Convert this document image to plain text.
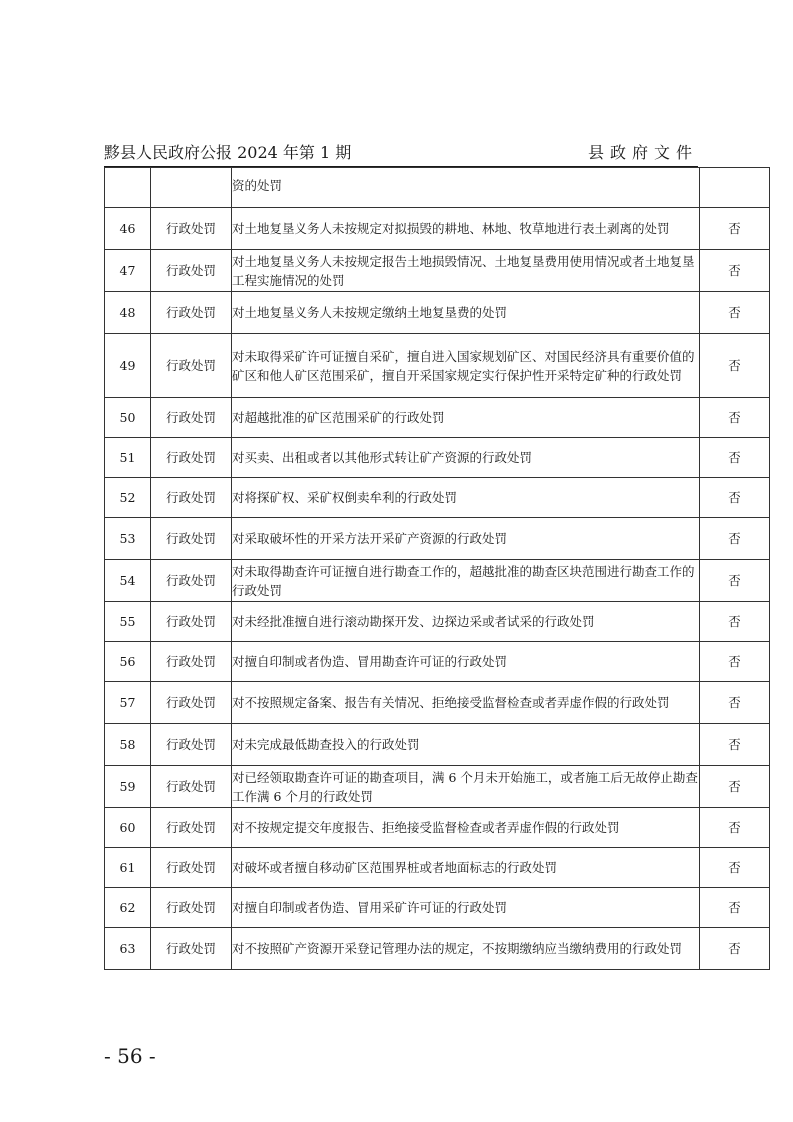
黟县人民政府公报 2024 年第 1 期	县政府文件
		资的处罚	
46	行政处罚	对土地复垦义务人未按规定对拟损毁的耕地、林地、牧草地进行表土剥离的处罚	否
47	行政处罚	对土地复垦义务人未按规定报告土地损毁情况、土地复垦费用使用情况或者土地复垦工程实施情况的处罚	否
48	行政处罚	对土地复垦义务人未按规定缴纳土地复垦费的处罚	否
49	行政处罚	对未取得采矿许可证擅自采矿，擅自进入国家规划矿区、对国民经济具有重要价值的矿区和他人矿区范围采矿，擅自开采国家规定实行保护性开采特定矿种的行政处罚	否
50	行政处罚	对超越批准的矿区范围采矿的行政处罚	否
51	行政处罚	对买卖、出租或者以其他形式转让矿产资源的行政处罚	否
52	行政处罚	对将探矿权、采矿权倒卖牟利的行政处罚	否
53	行政处罚	对采取破坏性的开采方法开采矿产资源的行政处罚	否
54	行政处罚	对未取得勘查许可证擅自进行勘查工作的，超越批准的勘查区块范围进行勘查工作的行政处罚	否
55	行政处罚	对未经批准擅自进行滚动勘探开发、边探边采或者试采的行政处罚	否
56	行政处罚	对擅自印制或者伪造、冒用勘查许可证的行政处罚	否
57	行政处罚	对不按照规定备案、报告有关情况、拒绝接受监督检查或者弄虚作假的行政处罚	否
58	行政处罚	对未完成最低勘查投入的行政处罚	否
59	行政处罚	对已经领取勘查许可证的勘查项目，满 6 个月未开始施工，或者施工后无故停止勘查工作满 6 个月的行政处罚	否
60	行政处罚	对不按规定提交年度报告、拒绝接受监督检查或者弄虚作假的行政处罚	否
61	行政处罚	对破坏或者擅自移动矿区范围界桩或者地面标志的行政处罚	否
62	行政处罚	对擅自印制或者伪造、冒用采矿许可证的行政处罚	否
63	行政处罚	对不按照矿产资源开采登记管理办法的规定，不按期缴纳应当缴纳费用的行政处罚	否
- 56 -
